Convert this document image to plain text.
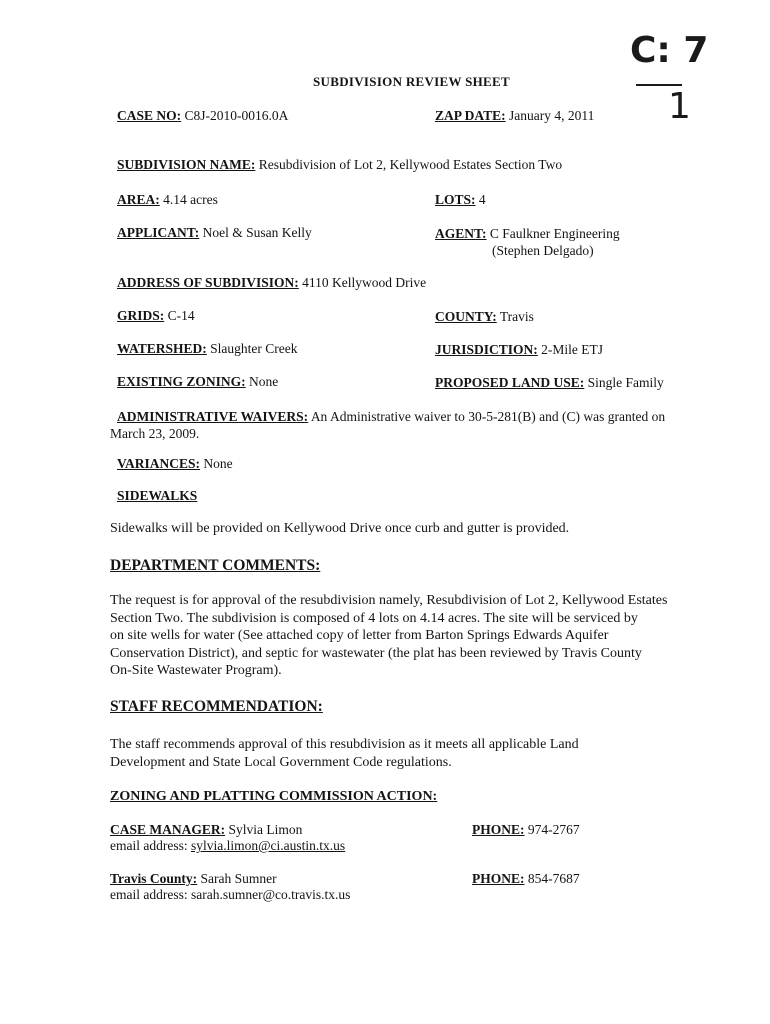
C: 7
1
SUBDIVISION REVIEW SHEET
CASE NO: C8J-2010-0016.0A	ZAP DATE: January 4, 2011
SUBDIVISION NAME: Resubdivision of Lot 2, Kellywood Estates Section Two
AREA: 4.14 acres	LOTS: 4
APPLICANT: Noel & Susan Kelly	AGENT: C Faulkner Engineering
(Stephen Delgado)
ADDRESS OF SUBDIVISION: 4110 Kellywood Drive
GRIDS: C-14	COUNTY: Travis
WATERSHED: Slaughter Creek	JURISDICTION: 2-Mile ETJ
EXISTING ZONING: None	PROPOSED LAND USE: Single Family
ADMINISTRATIVE WAIVERS: An Administrative waiver to 30-5-281(B) and (C) was granted on
March 23, 2009.
VARIANCES: None
SIDEWALKS
Sidewalks will be provided on Kellywood Drive once curb and gutter is provided.
DEPARTMENT COMMENTS:
The request is for approval of the resubdivision namely, Resubdivision of Lot 2, Kellywood Estates
Section Two. The subdivision is composed of 4 lots on 4.14 acres. The site will be serviced by
on site wells for water (See attached copy of letter from Barton Springs Edwards Aquifer
Conservation District), and septic for wastewater (the plat has been reviewed by Travis County
On-Site Wastewater Program).
STAFF RECOMMENDATION:
The staff recommends approval of this resubdivision as it meets all applicable Land
Development and State Local Government Code regulations.
ZONING AND PLATTING COMMISSION ACTION:
CASE MANAGER: Sylvia Limon
email address: sylvia.limon@ci.austin.tx.us
PHONE: 974-2767
Travis County: Sarah Sumner
email address: sarah.sumner@co.travis.tx.us
PHONE: 854-7687
